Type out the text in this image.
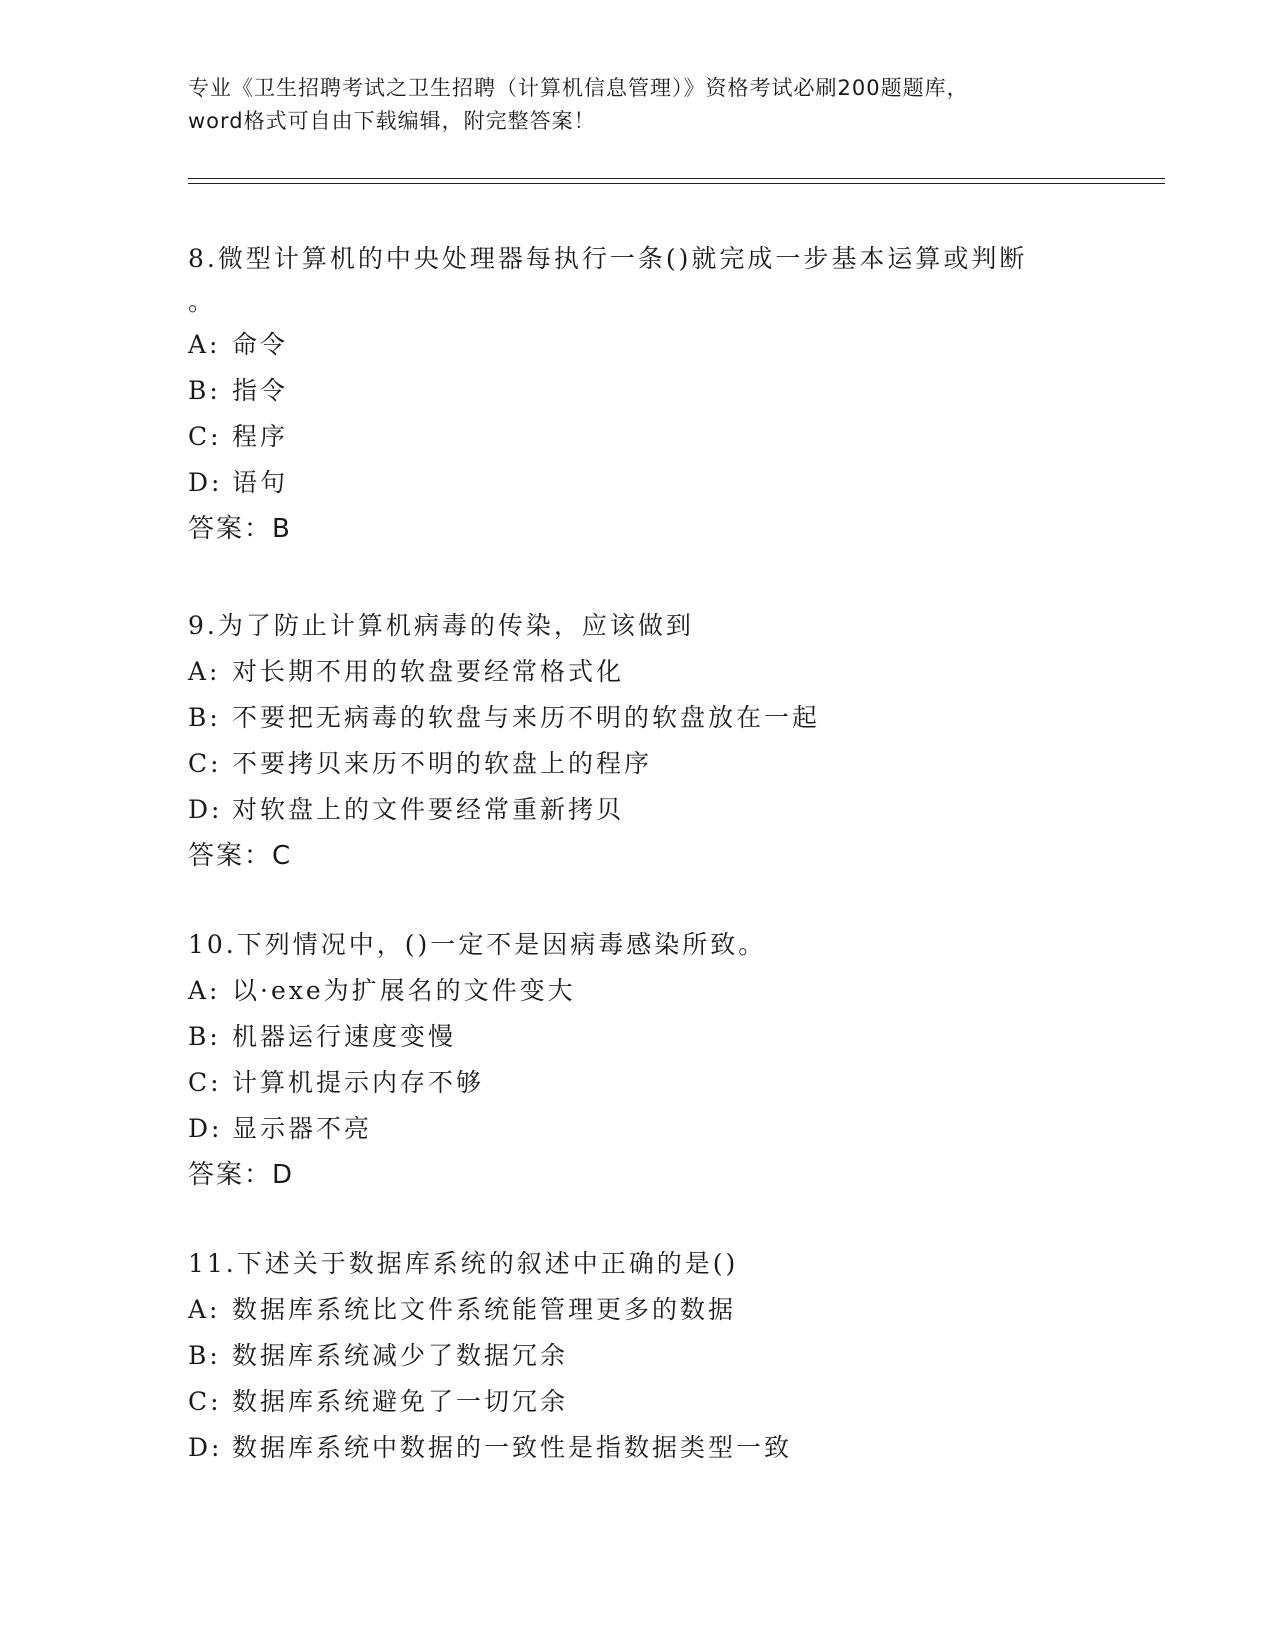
专业《卫生招聘考试之卫生招聘（计算机信息管理）》资格考试必刷200题题库，
word格式可自由下载编辑，附完整答案！
8.微型计算机的中央处理器每执行一条()就完成一步基本运算或判断
。
A: 命令
B: 指令
C: 程序
D: 语句
答案：B
9.为了防止计算机病毒的传染，应该做到
A: 对长期不用的软盘要经常格式化
B: 不要把无病毒的软盘与来历不明的软盘放在一起
C: 不要拷贝来历不明的软盘上的程序
D: 对软盘上的文件要经常重新拷贝
答案：C
10.下列情况中，()一定不是因病毒感染所致。
A: 以·exe为扩展名的文件变大
B: 机器运行速度变慢
C: 计算机提示内存不够
D: 显示器不亮
答案：D
11.下述关于数据库系统的叙述中正确的是()
A: 数据库系统比文件系统能管理更多的数据
B: 数据库系统减少了数据冗余
C: 数据库系统避免了一切冗余
D: 数据库系统中数据的一致性是指数据类型一致
